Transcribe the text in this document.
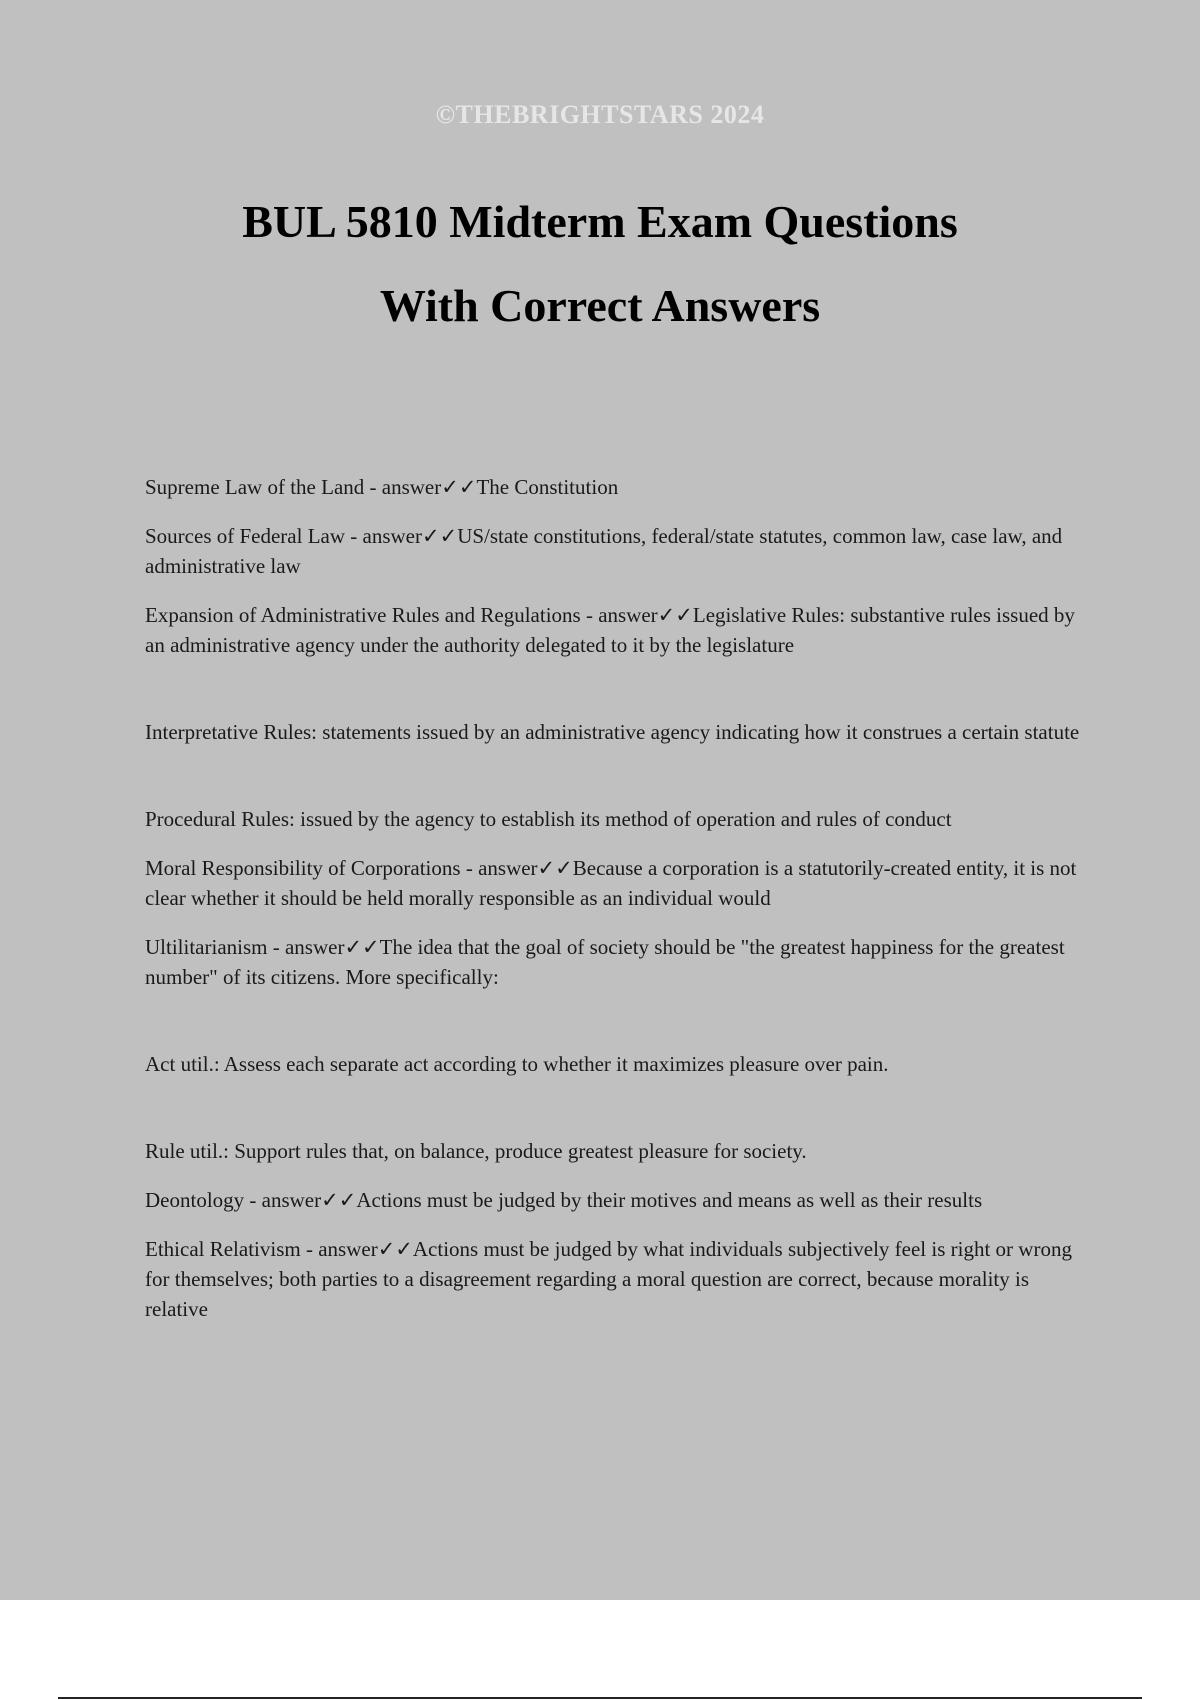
©THEBRIGHTSTARS 2024
BUL 5810 Midterm Exam Questions
With Correct Answers

Supreme Law of the Land - answer✓✓The Constitution

Sources of Federal Law - answer✓✓US/state constitutions, federal/state statutes, common law, case law, and administrative law

Expansion of Administrative Rules and Regulations - answer✓✓Legislative Rules: substantive rules issued by an administrative agency under the authority delegated to it by the legislature

Interpretative Rules: statements issued by an administrative agency indicating how it construes a certain statute

Procedural Rules: issued by the agency to establish its method of operation and rules of conduct

Moral Responsibility of Corporations - answer✓✓Because a corporation is a statutorily-created entity, it is not clear whether it should be held morally responsible as an individual would

Ultilitarianism - answer✓✓The idea that the goal of society should be "the greatest happiness for the greatest number" of its citizens. More specifically:

Act util.: Assess each separate act according to whether it maximizes pleasure over pain.

Rule util.: Support rules that, on balance, produce greatest pleasure for society.

Deontology - answer✓✓Actions must be judged by their motives and means as well as their results

Ethical Relativism - answer✓✓Actions must be judged by what individuals subjectively feel is right or wrong for themselves; both parties to a disagreement regarding a moral question are correct, because morality is relative
